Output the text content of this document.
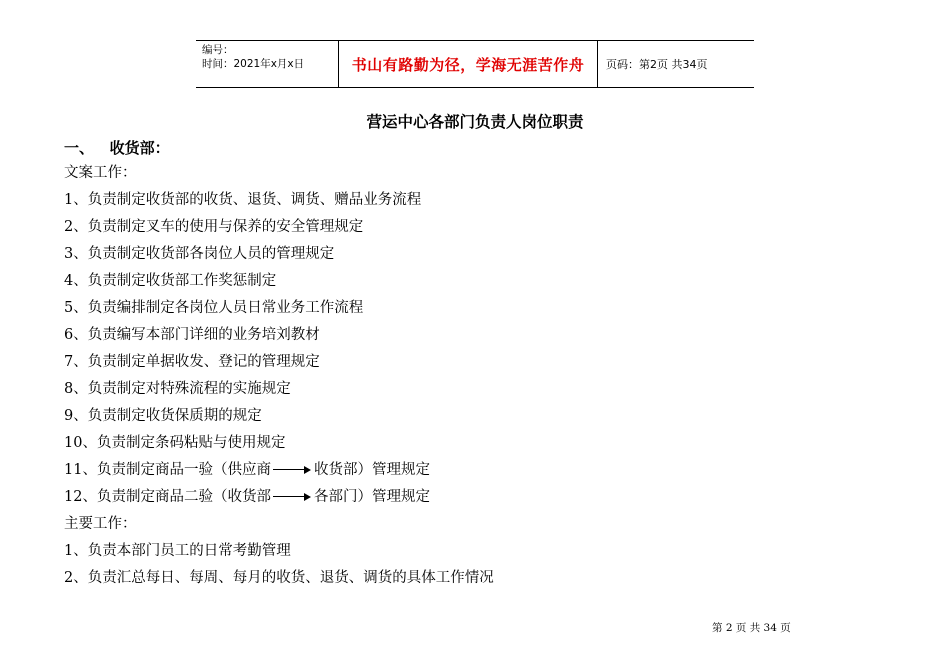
编号：
时间：2021年x月x日	书山有路勤为径，学海无涯苦作舟	页码：第2页 共34页
营运中心各部门负责人岗位职责
一、   收货部：
文案工作：
1、负责制定收货部的收货、退货、调货、赠品业务流程
2、负责制定叉车的使用与保养的安全管理规定
3、负责制定收货部各岗位人员的管理规定
4、负责制定收货部工作奖惩制定
5、负责编排制定各岗位人员日常业务工作流程
6、负责编写本部门详细的业务培刘教材
7、负责制定单据收发、登记的管理规定
8、负责制定对特殊流程的实施规定
9、负责制定收货保质期的规定
10、负责制定条码粘贴与使用规定
11、负责制定商品一验（供应商	收货部）管理规定
12、负责制定商品二验（收货部	各部门）管理规定
主要工作：
1、负责本部门员工的日常考勤管理
2、负责汇总每日、每周、每月的收货、退货、调货的具体工作情况
第 2 页 共 34 页
